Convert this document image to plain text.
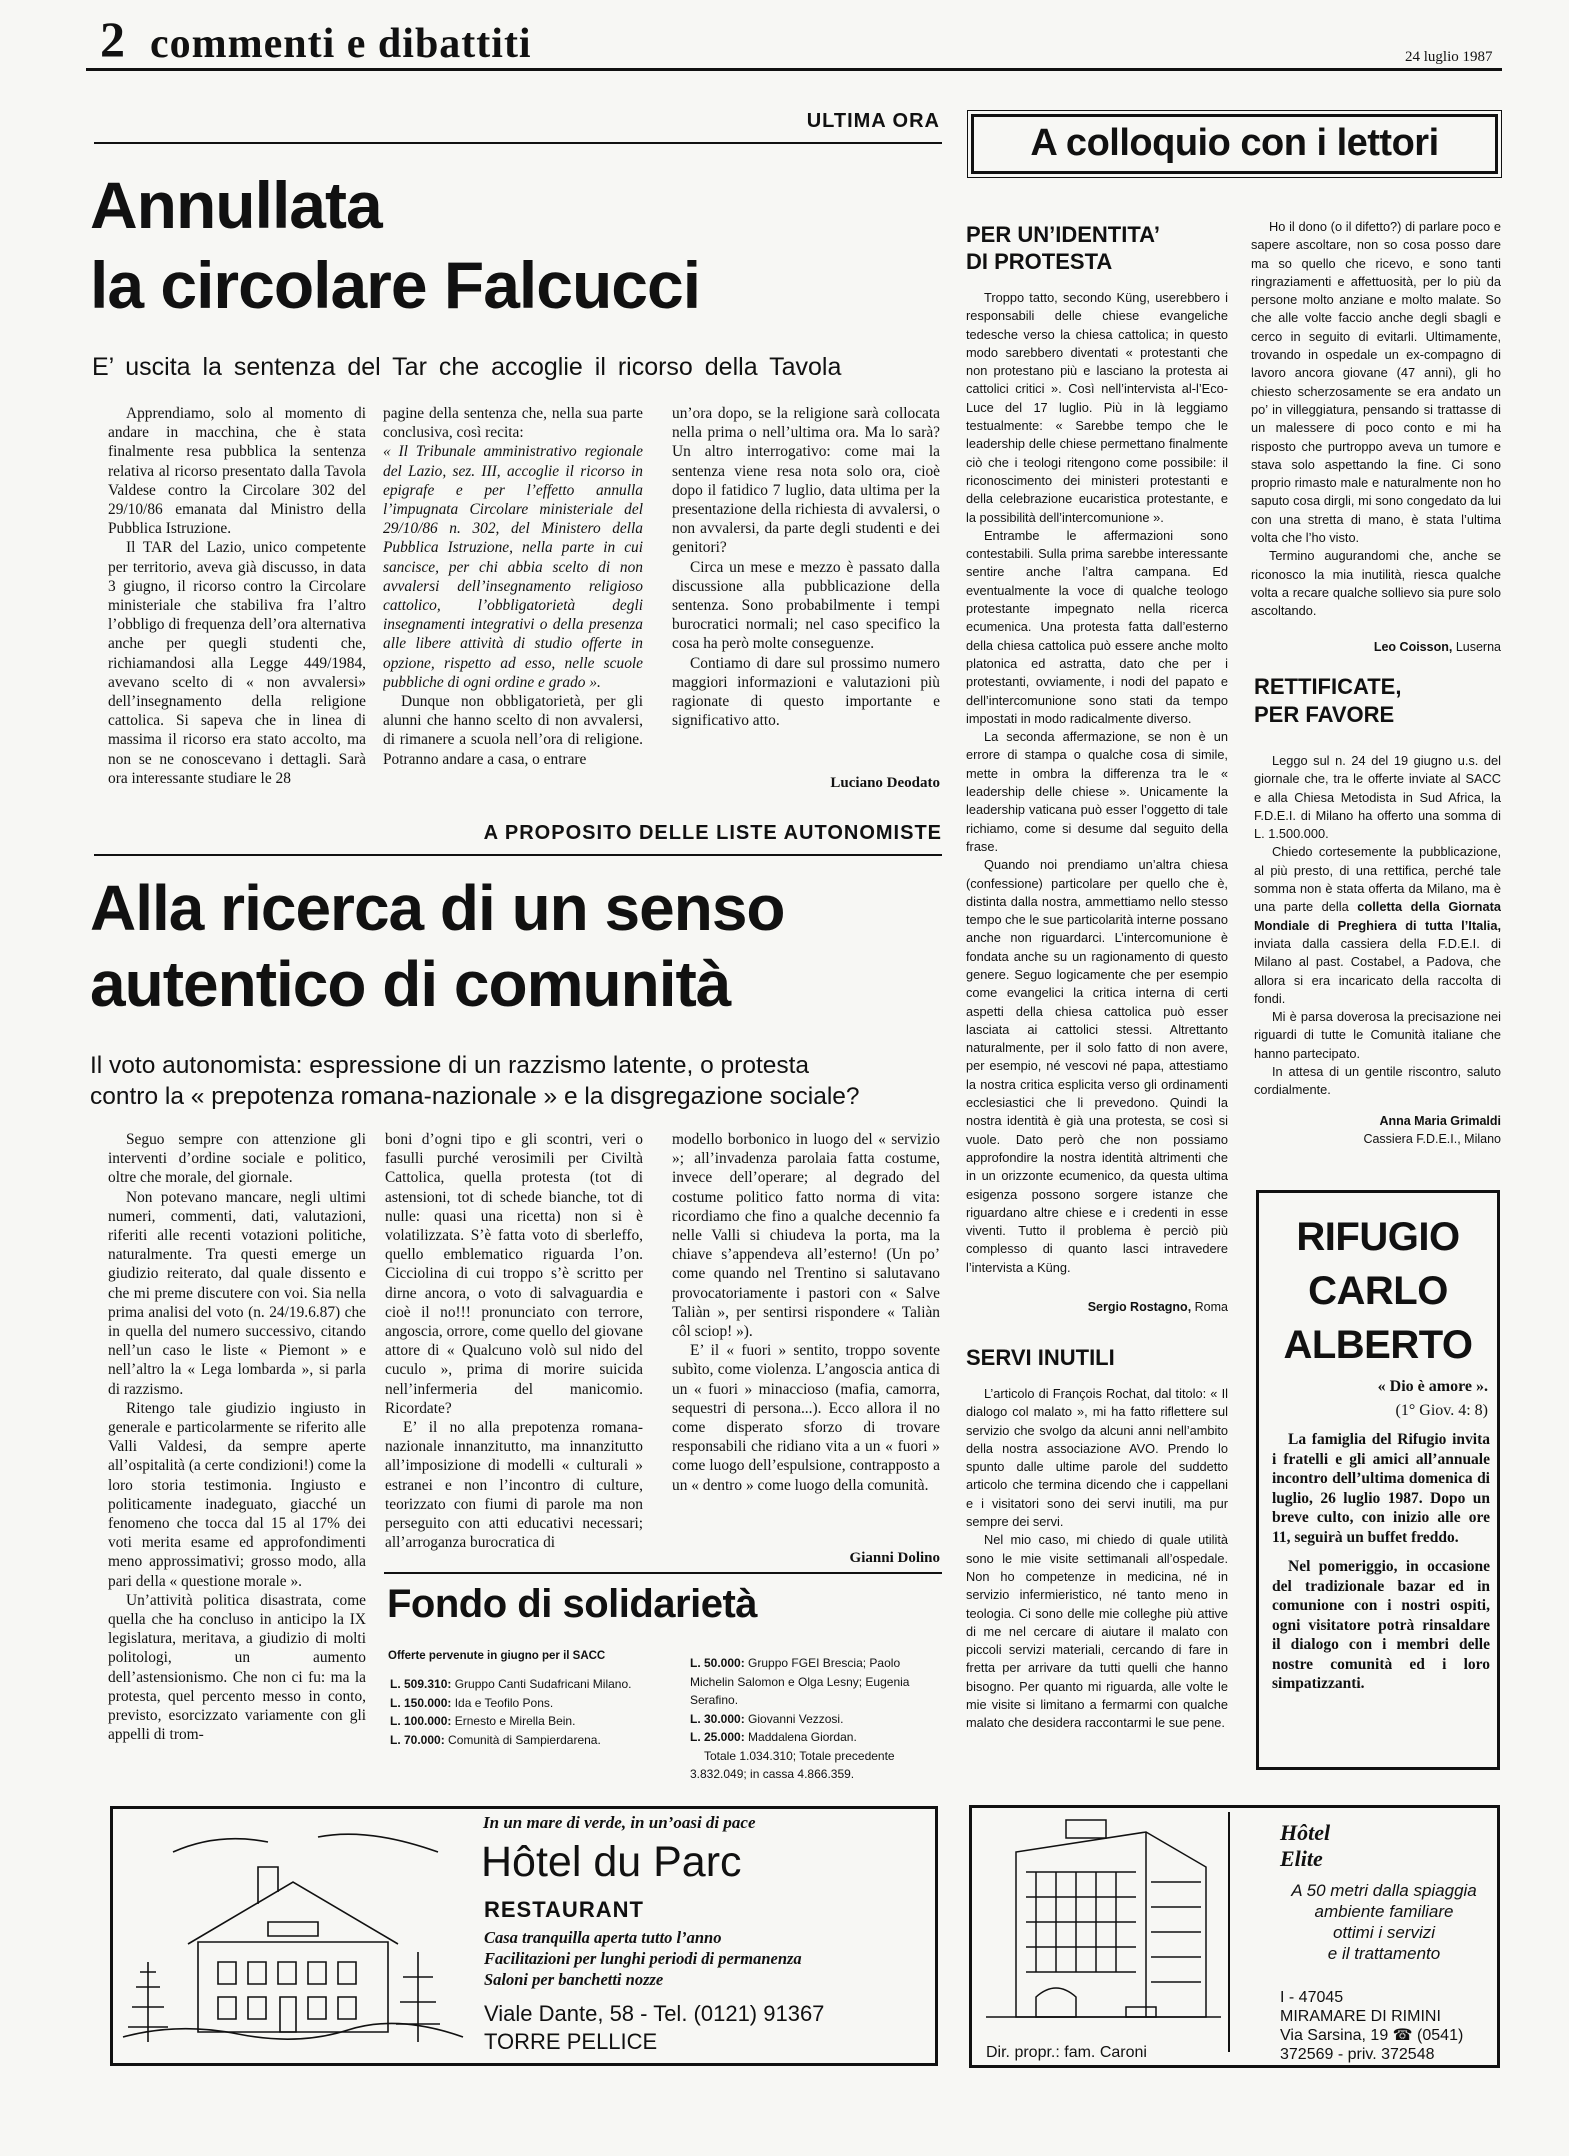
2 commenti e dibattiti	24 luglio 1987
ULTIMA ORA
Annullata
la circolare Falcucci
E’ uscita la sentenza del Tar che accoglie il ricorso della Tavola

Apprendiamo, solo al momento di andare in macchina, che è stata finalmente resa pubblica la sentenza relativa al ricorso presentato dalla Tavola Valdese contro la Circolare 302 del 29/10/86 emanata dal Ministro della Pubblica Istruzione.

Il TAR del Lazio, unico competente per territorio, aveva già discusso, in data 3 giugno, il ricorso contro la Circolare ministeriale che stabiliva fra l’altro l’obbligo di frequenza dell’ora alternativa anche per quegli studenti che, richiamandosi alla Legge 449/1984, avevano scelto di « non avvalersi» dell’insegnamento della religione cattolica. Si sapeva che in linea di massima il ricorso era stato accolto, ma non se ne conoscevano i dettagli. Sarà ora interessante studiare le 28

pagine della sentenza che, nella sua parte conclusiva, così recita:

« Il Tribunale amministrativo regionale del Lazio, sez. III, accoglie il ricorso in epigrafe e per l’effetto annulla l’impugnata Circolare ministeriale del 29/10/86 n. 302, del Ministero della Pubblica Istruzione, nella parte in cui sancisce, per chi abbia scelto di non avvalersi dell’insegnamento religioso cattolico, l’obbligatorietà degli insegnamenti integrativi o della presenza alle libere attività di studio offerte in opzione, rispetto ad esso, nelle scuole pubbliche di ogni ordine e grado ».

Dunque non obbligatorietà, per gli alunni che hanno scelto di non avvalersi, di rimanere a scuola nell’ora di religione. Potranno andare a casa, o entrare

un’ora dopo, se la religione sarà collocata nella prima o nell’ultima ora. Ma lo sarà? Un altro interrogativo: come mai la sentenza viene resa nota solo ora, cioè dopo il fatidico 7 luglio, data ultima per la presentazione della richiesta di avvalersi, o non avvalersi, da parte degli studenti e dei genitori?

Circa un mese e mezzo è passato dalla discussione alla pubblicazione della sentenza. Sono probabilmente i tempi burocratici normali; nel caso specifico la cosa ha però molte conseguenze.

Contiamo di dare sul prossimo numero maggiori informazioni e valutazioni più ragionate di questo importante e significativo atto.

Luciano Deodato
A PROPOSITO DELLE LISTE AUTONOMISTE
Alla ricerca di un senso
autentico di comunità
Il voto autonomista: espressione di un razzismo latente, o protesta
contro la « prepotenza romana-nazionale » e la disgregazione sociale?

Seguo sempre con attenzione gli interventi d’ordine sociale e politico, oltre che morale, del giornale.

Non potevano mancare, negli ultimi numeri, commenti, dati, valutazioni, riferiti alle recenti votazioni politiche, naturalmente. Tra questi emerge un giudizio reiterato, dal quale dissento e che mi preme discutere con voi. Sia nella prima analisi del voto (n. 24/19.6.87) che in quella del numero successivo, citando nell’un caso le liste « Piemont » e nell’altro la « Lega lombarda », si parla di razzismo.

Ritengo tale giudizio ingiusto in generale e particolarmente se riferito alle Valli Valdesi, da sempre aperte all’ospitalità (a certe condizioni!) come la loro storia testimonia. Ingiusto e politicamente inadeguato, giacché un fenomeno che tocca dal 15 al 17% dei voti merita esame ed approfondimenti meno approssimativi; grosso modo, alla pari della « questione morale ».

Un’attività politica disastrata, come quella che ha concluso in anticipo la IX legislatura, meritava, a giudizio di molti politologi, un aumento dell’astensionismo. Che non ci fu: ma la protesta, quel percento messo in conto, previsto, esorcizzato variamente con gli appelli di trom-

boni d’ogni tipo e gli scontri, veri o fasulli purché verosimili per Civiltà Cattolica, quella protesta (tot di astensioni, tot di schede bianche, tot di nulle: quasi una ricetta) non si è volatilizzata. S’è fatta voto di sberleffo, quello emblematico riguarda l’on. Cicciolina di cui troppo s’è scritto per dirne ancora, o voto di salvaguardia e cioè il no!!! pronunciato con terrore, angoscia, orrore, come quello del giovane attore di « Qualcuno volò sul nido del cuculo », prima di morire suicida nell’infermeria del manicomio. Ricordate?

E’ il no alla prepotenza romana-nazionale innanzitutto, ma innanzitutto all’imposizione di modelli « culturali » estranei e non l’incontro di culture, teorizzato con fiumi di parole ma non perseguito con atti educativi necessari; all’arroganza burocratica di

modello borbonico in luogo del « servizio »; all’invadenza parolaia fatta costume, invece dell’operare; al degrado del costume politico fatto norma di vita: ricordiamo che fino a qualche decennio fa nelle Valli si chiudeva la porta, ma la chiave s’appendeva all’esterno! (Un po’ come quando nel Trentino si salutavano provocatoriamente i pastori con « Salve Taliàn », per sentirsi rispondere « Taliàn côl sciop! »).

E’ il « fuori » sentito, troppo sovente subìto, come violenza. L’angoscia antica di un « fuori » minaccioso (mafia, camorra, sequestri di persona...). Ecco allora il no come disperato sforzo di trovare responsabili che ridiano vita a un « fuori » come luogo dell’espulsione, contrapposto a un « dentro » come luogo della comunità.

Gianni Dolino
Fondo di solidarietà
Offerte pervenute in giugno per il SACC
L. 509.310: Gruppo Canti Sudafricani Milano.
L. 150.000: Ida e Teofilo Pons.
L. 100.000: Ernesto e Mirella Bein.
L. 70.000: Comunità di Sampierdarena.
L. 50.000: Gruppo FGEI Brescia; Paolo Michelin Salomon e Olga Lesny; Eugenia Serafino.
L. 30.000: Giovanni Vezzosi.
L. 25.000: Maddalena Giordan.
Totale 1.034.310; Totale precedente 3.832.049; in cassa 4.866.359.
A colloquio con i lettori
PER UN’IDENTITA’
DI PROTESTA

Troppo tatto, secondo Küng, userebbero i responsabili delle chiese evangeliche tedesche verso la chiesa cattolica; in questo modo sarebbero diventati « protestanti che non protestano più e lasciano la protesta ai cattolici critici ». Così nell’intervista al-l’Eco-Luce del 17 luglio. Più in là leggiamo testualmente: « Sarebbe tempo che le leadership delle chiese permettano finalmente ciò che i teologi ritengono come possibile: il riconoscimento dei ministeri protestanti e della celebrazione eucaristica protestante, e la possibilità dell’intercomunione ».

Entrambe le affermazioni sono contestabili. Sulla prima sarebbe interessante sentire anche l’altra campana. Ed eventualmente la voce di qualche teologo protestante impegnato nella ricerca ecumenica. Una protesta fatta dall’esterno della chiesa cattolica può essere anche molto platonica ed astratta, dato che per i protestanti, ovviamente, i nodi del papato e dell’intercomunione sono stati da tempo impostati in modo radicalmente diverso.

La seconda affermazione, se non è un errore di stampa o qualche cosa di simile, mette in ombra la differenza tra le « leadership delle chiese ». Unicamente la leadership vaticana può esser l’oggetto di tale richiamo, come si desume dal seguito della frase.

Quando noi prendiamo un’altra chiesa (confessione) particolare per quello che è, distinta dalla nostra, ammettiamo nello stesso tempo che le sue particolarità interne possano anche non riguardarci. L’intercomunione è fondata anche su un ragionamento di questo genere. Seguo logicamente che per esempio come evangelici la critica interna di certi aspetti della chiesa cattolica può esser lasciata ai cattolici stessi. Altrettanto naturalmente, per il solo fatto di non avere, per esempio, né vescovi né papa, attestiamo la nostra critica esplicita verso gli ordinamenti ecclesiastici che li prevedono. Quindi la nostra identità è già una protesta, se così si vuole. Dato però che non possiamo approfondire la nostra identità altrimenti che in un orizzonte ecumenico, da questa ultima esigenza possono sorgere istanze che riguardano altre chiese e i credenti in esse viventi. Tutto il problema è perciò più complesso di quanto lasci intravedere l’intervista a Küng.

Sergio Rostagno, Roma
SERVI INUTILI

L’articolo di François Rochat, dal titolo: « Il dialogo col malato », mi ha fatto riflettere sul servizio che svolgo da alcuni anni nell’ambito della nostra associazione AVO. Prendo lo spunto dalle ultime parole del suddetto articolo che termina dicendo che i cappellani e i visitatori sono dei servi inutili, ma pur sempre dei servi.

Nel mio caso, mi chiedo di quale utilità sono le mie visite settimanali all’ospedale. Non ho competenze in medicina, né in servizio infermieristico, né tanto meno in teologia. Ci sono delle mie colleghe più attive di me nel cercare di aiutare il malato con piccoli servizi materiali, cercando di fare in fretta per arrivare da tutti quelli che hanno bisogno. Per quanto mi riguarda, alle volte le mie visite si limitano a fermarmi con qualche malato che desidera raccontarmi le sue pene.

Ho il dono (o il difetto?) di parlare poco e sapere ascoltare, non so cosa posso dare ma so quello che ricevo, e sono tanti ringraziamenti e affettuosità, per lo più da persone molto anziane e molto malate. So che alle volte faccio anche degli sbagli e cerco in seguito di evitarli. Ultimamente, trovando in ospedale un ex-compagno di lavoro ancora giovane (47 anni), gli ho chiesto scherzosamente se era andato un po’ in villeggiatura, pensando si trattasse di un malessere di poco conto e mi ha risposto che purtroppo aveva un tumore e stava solo aspettando la fine. Ci sono proprio rimasto male e naturalmente non ho saputo cosa dirgli, mi sono congedato da lui con una stretta di mano, è stata l’ultima volta che l’ho visto.

Termino augurandomi che, anche se riconosco la mia inutilità, riesca qualche volta a recare qualche sollievo sia pure solo ascoltando.

Leo Coisson, Luserna
RETTIFICATE,
PER FAVORE

Leggo sul n. 24 del 19 giugno u.s. del giornale che, tra le offerte inviate al SACC e alla Chiesa Metodista in Sud Africa, la F.D.E.I. di Milano ha offerto una somma di L. 1.500.000.

Chiedo cortesemente la pubblicazione, al più presto, di una rettifica, perché tale somma non è stata offerta da Milano, ma è una parte della colletta della Giornata Mondiale di Preghiera di tutta l’Italia, inviata dalla cassiera della F.D.E.I. di Milano al past. Costabel, a Padova, che allora si era incaricato della raccolta di fondi.

Mi è parsa doverosa la precisazione nei riguardi di tutte le Comunità italiane che hanno partecipato.

In attesa di un gentile riscontro, saluto cordialmente.

Anna Maria Grimaldi
Cassiera F.D.E.I., Milano
RIFUGIO
CARLO
ALBERTO
« Dio è amore ».
(1° Giov. 4: 8)

La famiglia del Rifugio invita i fratelli e gli amici all’annuale incontro dell’ultima domenica di luglio, 26 luglio 1987. Dopo un breve culto, con inizio alle ore 11, seguirà un buffet freddo.

Nel pomeriggio, in occasione del tradizionale bazar ed in comunione con i nostri ospiti, ogni visitatore potrà rinsaldare il dialogo con i membri delle nostre comunità ed i loro simpatizzanti.

In un mare di verde, in un’oasi di pace
Hôtel du Parc
RESTAURANT
Casa tranquilla aperta tutto l’anno
Facilitazioni per lunghi periodi di permanenza
Saloni per banchetti nozze
Viale Dante, 58 - Tel. (0121) 91367
TORRE PELLICE
Hôtel
Elite
A 50 metri dalla spiaggia
ambiente familiare
ottimi i servizi
e il trattamento
I - 47045
MIRAMARE DI RIMINI
Via Sarsina, 19 ☎ (0541)
372569 - priv. 372548
Dir. propr.: fam. Caroni
